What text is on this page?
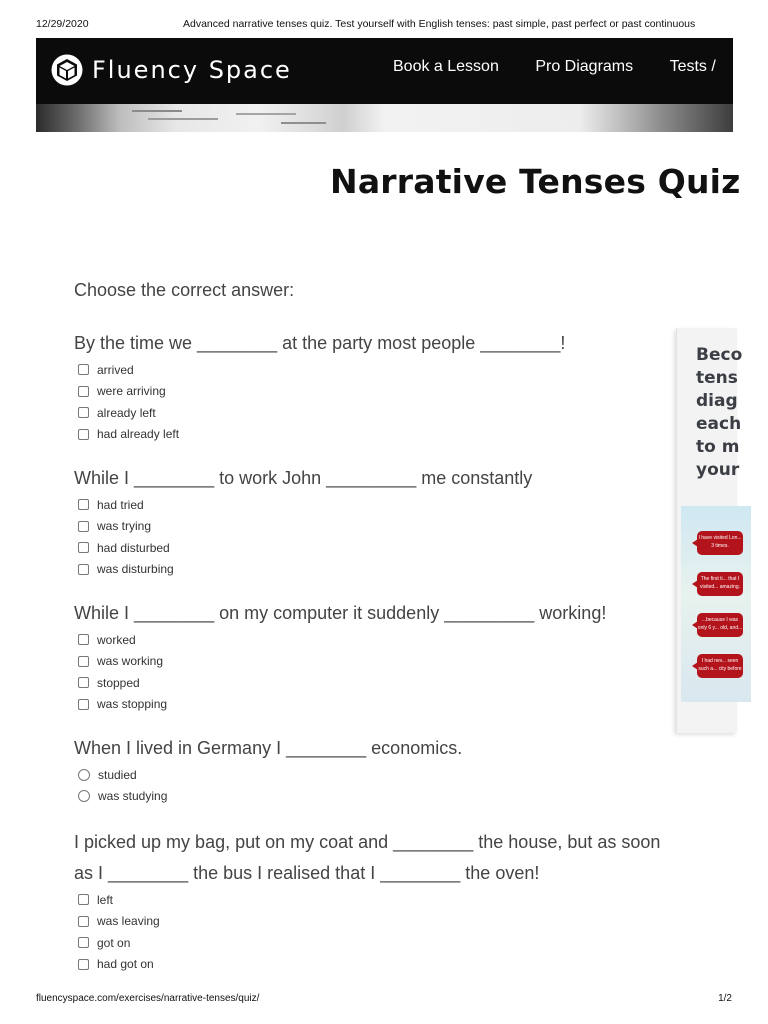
12/29/2020	Advanced narrative tenses quiz. Test yourself with English tenses: past simple, past perfect or past continuous
Fluency Space	Book a Lesson Pro Diagrams Tests /
Narrative Tenses Quiz
Choose the correct answer:
By the time we ________ at the party most people ________!
arrived
were arriving
already left
had already left
While I ________ to work John _________ me constantly
had tried
was trying
had disturbed
was disturbing
While I ________ on my computer it suddenly _________ working!
worked
was working
stopped
was stopping
When I lived in Germany I ________ economics.
studied
was studying
I picked up my bag, put on my coat and ________ the house, but as soon
as I ________ the bus I realised that I ________ the oven!
left
was leaving
got on
had got on
Beco
tens
diag
each
to m
your
I have visited Lon... 3 times.
The first ti... that I visited... amazing.
...because I was only 6 y... old, and...
I had nev... seen such a... city before
fluencyspace.com/exercises/narrative-tenses/quiz/	1/2
